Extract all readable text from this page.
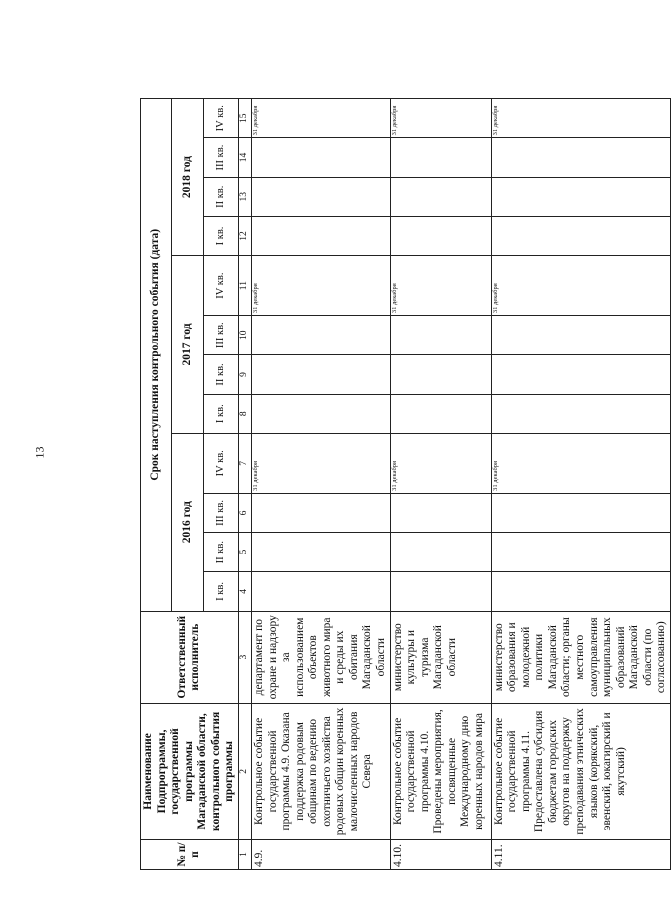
13
№ п/п	Наименование Подпрограммы, государственной программы Магаданской области, контрольного события программы	Ответственный исполнитель	Срок наступления контрольного события (дата)											
			2016 год				2017 год				2018 год			
			I кв.	II кв.	III кв.	IV кв.	I кв.	II кв.	III кв.	IV кв.	I кв.	II кв.	III кв.	IV кв.
1	2	3	4	5	6	7	8	9	10	11	12	13	14	15
4.9.	Контрольное событие государственной программы 4.9. Оказана поддержка родовым общинам по ведению охотничьего хозяйства родовых общин коренных малочисленных народов Севера	департамент по охране и надзору за использованием объектов животного мира и среды их обитания Магаданской области				31 декабря				31 декабря				31 декабря
4.10.	Контрольное событие государственной программы 4.10. Проведены мероприятия, посвященные Международному дню коренных народов мира	министерство культуры и туризма Магаданской области				31 декабря				31 декабря				31 декабря
4.11.	Контрольное событие государственной программы 4.11. Предоставлена субсидия бюджетам городских округов на поддержку преподавания этнических языков (корякский, эвенский, юкагирский и якутский)	министерство образования и молодежной политики Магаданской области; органы местного самоуправления муниципальных образований Магаданской области (по согласованию)				31 декабря				31 декабря				31 декабря
